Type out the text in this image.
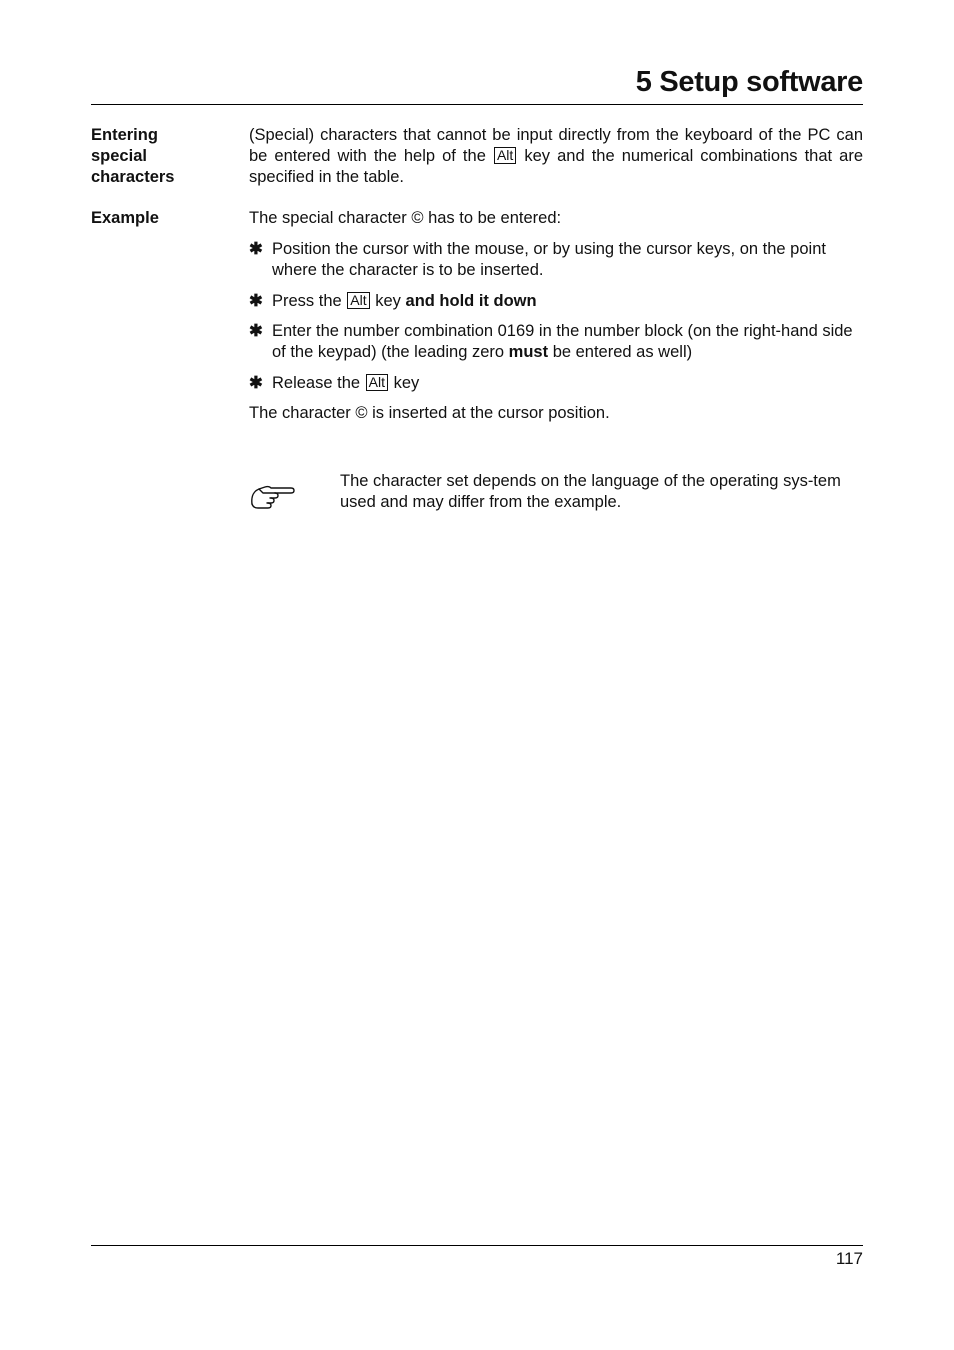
5 Setup software
Entering
special
characters

(Special) characters that cannot be input directly from the keyboard of the PC can be entered with the help of the Alt key and the numerical combinations that are specified in the table.

Example	The special character © has to be entered:

✱ Position the cursor with the mouse, or by using the cursor keys, on the point where the character is to be inserted.

✱ Press the Alt key and hold it down

✱ Enter the number combination 0169 in the number block (on the right-hand side of the keypad) (the leading zero must be entered as well)

✱ Release the Alt key

The character © is inserted at the cursor position.

The character set depends on the language of the operating sys-tem used and may differ from the example.

117
